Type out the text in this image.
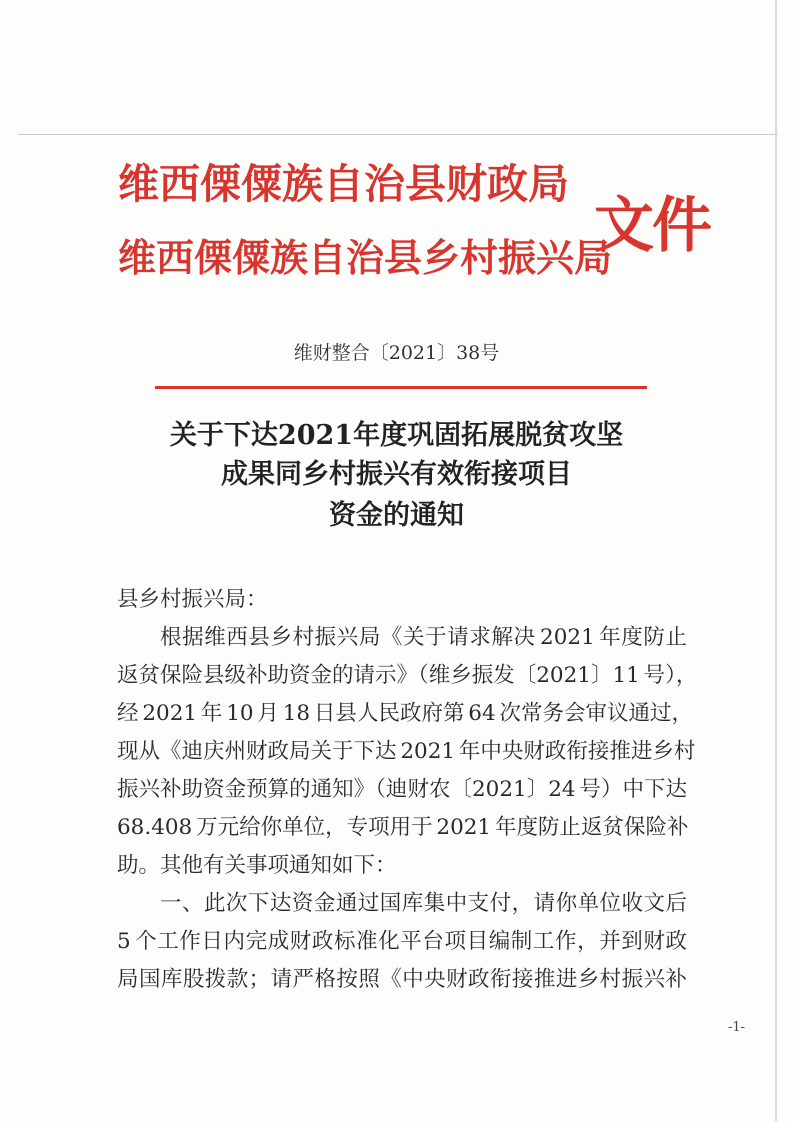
维西傈僳族自治县财政局
维西傈僳族自治县乡村振兴局
文件
维财整合〔2021〕38号
关于下达2021年度巩固拓展脱贫攻坚
成果同乡村振兴有效衔接项目
资金的通知

县乡村振兴局：

根据维西县乡村振兴局《关于请求解决 2021 年度防止

返贫保险县级补助资金的请示》（维乡振发〔2021〕11 号），

经 2021 年 10 月 18 日县人民政府第 64 次常务会审议通过，

现从《迪庆州财政局关于下达 2021 年中央财政衔接推进乡村

振兴补助资金预算的通知》（迪财农〔2021〕24 号）中下达

68.408 万元给你单位，专项用于 2021 年度防止返贫保险补

助。其他有关事项通知如下：

一、此次下达资金通过国库集中支付，请你单位收文后

5 个工作日内完成财政标准化平台项目编制工作，并到财政

局国库股拨款；请严格按照《中央财政衔接推进乡村振兴补

-1-
